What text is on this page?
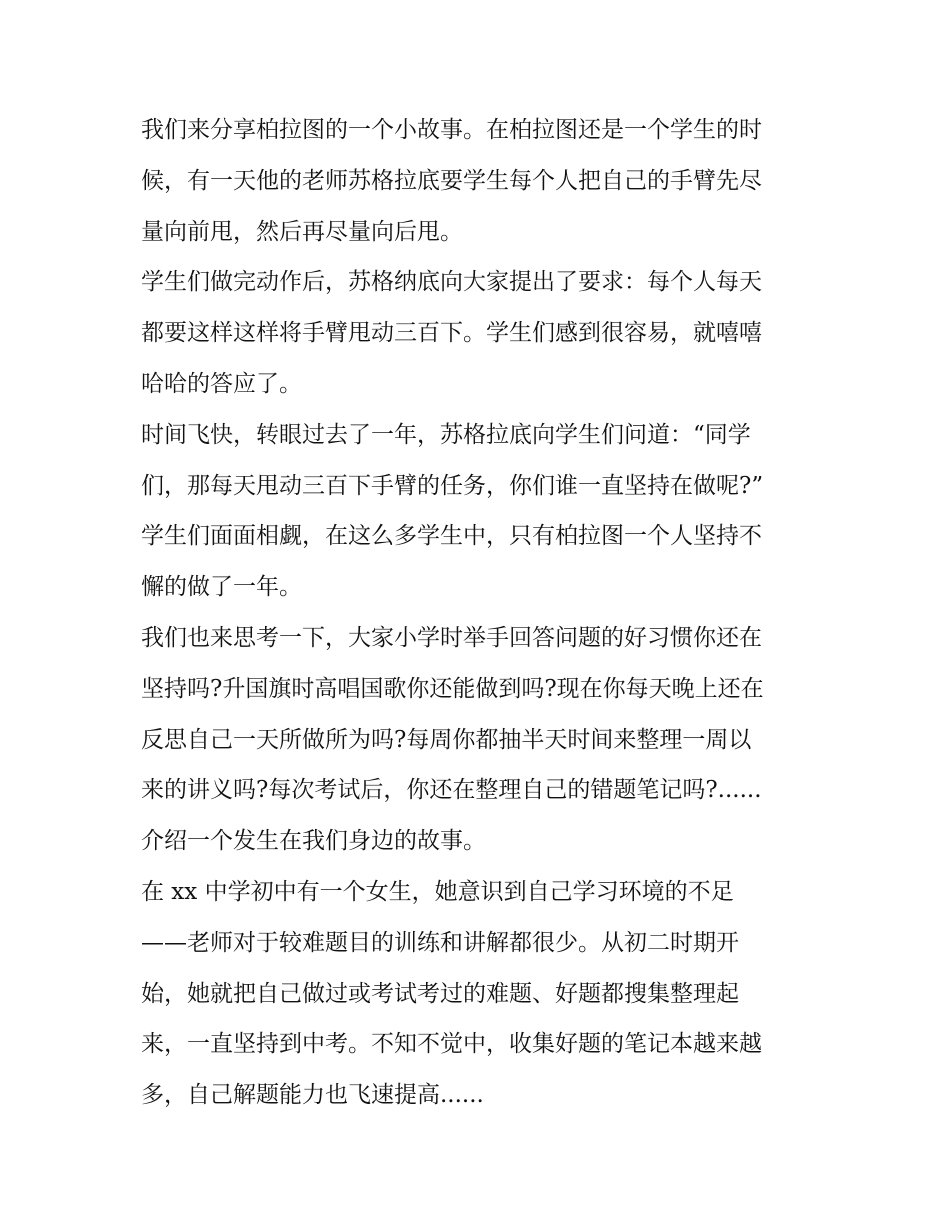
我们来分享柏拉图的一个小故事。在柏拉图还是一个学生的时
候，有一天他的老师苏格拉底要学生每个人把自己的手臂先尽
量向前甩，然后再尽量向后甩。

学生们做完动作后，苏格纳底向大家提出了要求：每个人每天
都要这样这样将手臂甩动三百下。学生们感到很容易，就嘻嘻
哈哈的答应了。

时间飞快，转眼过去了一年，苏格拉底向学生们问道：“同学
们，那每天甩动三百下手臂的任务，你们谁一直坚持在做呢?”
学生们面面相觑，在这么多学生中，只有柏拉图一个人坚持不
懈的做了一年。

我们也来思考一下，大家小学时举手回答问题的好习惯你还在
坚持吗?升国旗时高唱国歌你还能做到吗?现在你每天晚上还在
反思自己一天所做所为吗?每周你都抽半天时间来整理一周以
来的讲义吗?每次考试后，你还在整理自己的错题笔记吗?......

介绍一个发生在我们身边的故事。

在 xx 中学初中有一个女生，她意识到自己学习环境的不足
——老师对于较难题目的训练和讲解都很少。从初二时期开
始，她就把自己做过或考试考过的难题、好题都搜集整理起
来，一直坚持到中考。不知不觉中，收集好题的笔记本越来越
多，自己解题能力也飞速提高......
